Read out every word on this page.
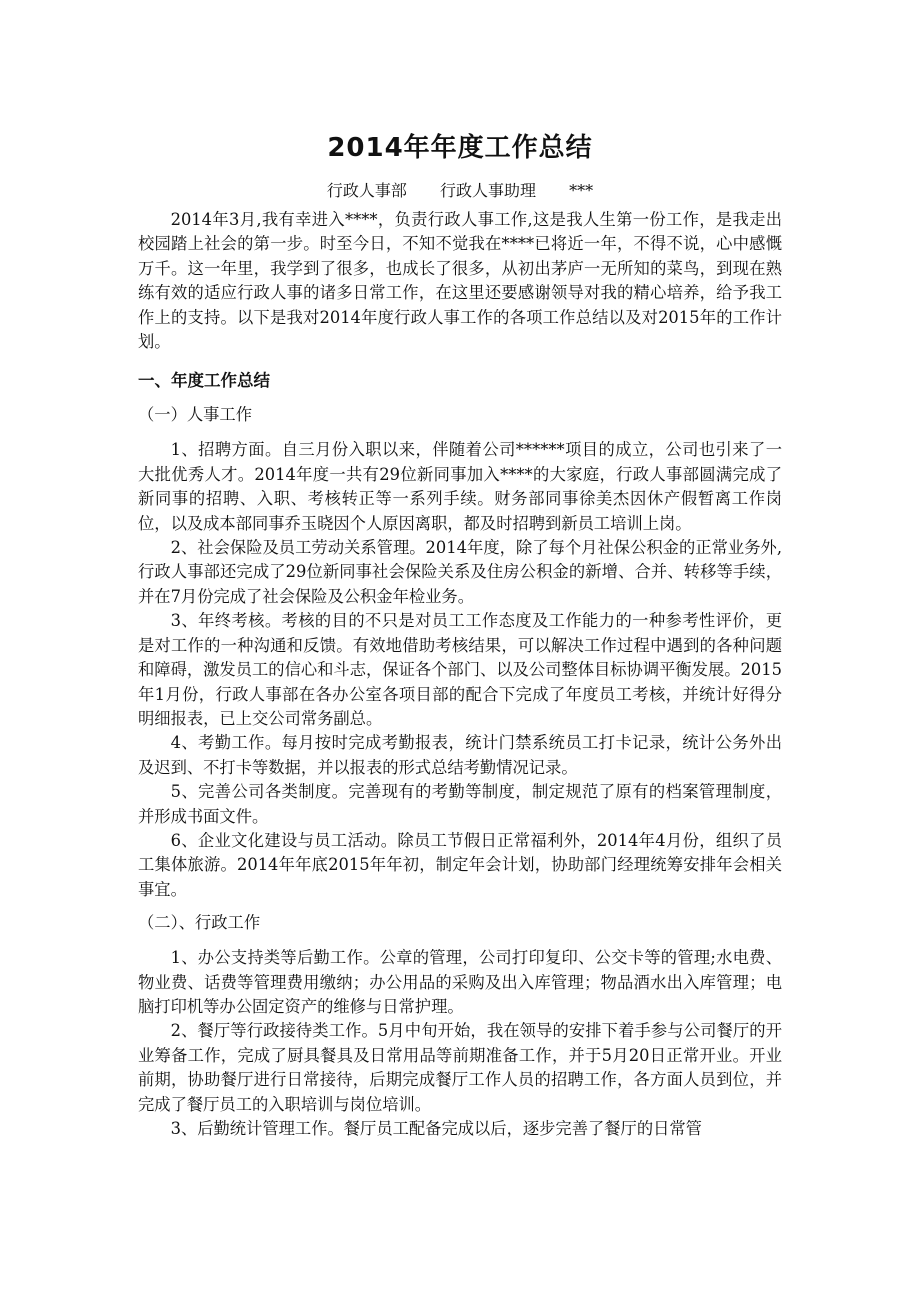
2014年年度工作总结
行政人事部 行政人事助理 ***

2014年3月,我有幸进入****，负责行政人事工作,这是我人生第一份工作，是我走出校园踏上社会的第一步。时至今日，不知不觉我在****已将近一年，不得不说，心中感慨万千。这一年里，我学到了很多，也成长了很多，从初出茅庐一无所知的菜鸟，到现在熟练有效的适应行政人事的诸多日常工作，在这里还要感谢领导对我的精心培养，给予我工作上的支持。以下是我对2014年度行政人事工作的各项工作总结以及对2015年的工作计划。

一、年度工作总结
（一）人事工作

1、招聘方面。自三月份入职以来，伴随着公司******项目的成立，公司也引来了一大批优秀人才。2014年度一共有29位新同事加入****的大家庭，行政人事部圆满完成了新同事的招聘、入职、考核转正等一系列手续。财务部同事徐美杰因休产假暂离工作岗位，以及成本部同事乔玉晓因个人原因离职，都及时招聘到新员工培训上岗。

2、社会保险及员工劳动关系管理。2014年度，除了每个月社保公积金的正常业务外,行政人事部还完成了29位新同事社会保险关系及住房公积金的新增、合并、转移等手续，并在7月份完成了社会保险及公积金年检业务。

3、年终考核。考核的目的不只是对员工工作态度及工作能力的一种参考性评价，更是对工作的一种沟通和反馈。有效地借助考核结果，可以解决工作过程中遇到的各种问题和障碍，激发员工的信心和斗志，保证各个部门、以及公司整体目标协调平衡发展。2015年1月份，行政人事部在各办公室各项目部的配合下完成了年度员工考核，并统计好得分明细报表，已上交公司常务副总。

4、考勤工作。每月按时完成考勤报表，统计门禁系统员工打卡记录，统计公务外出及迟到、不打卡等数据，并以报表的形式总结考勤情况记录。

5、完善公司各类制度。完善现有的考勤等制度，制定规范了原有的档案管理制度，并形成书面文件。

6、企业文化建设与员工活动。除员工节假日正常福利外，2014年4月份，组织了员工集体旅游。2014年年底2015年年初，制定年会计划，协助部门经理统筹安排年会相关事宜。

（二）、行政工作

1、办公支持类等后勤工作。公章的管理，公司打印复印、公交卡等的管理;水电费、物业费、话费等管理费用缴纳；办公用品的采购及出入库管理；物品酒水出入库管理；电脑打印机等办公固定资产的维修与日常护理。

2、餐厅等行政接待类工作。5月中旬开始，我在领导的安排下着手参与公司餐厅的开业筹备工作，完成了厨具餐具及日常用品等前期准备工作，并于5月20日正常开业。开业前期，协助餐厅进行日常接待，后期完成餐厅工作人员的招聘工作，各方面人员到位，并完成了餐厅员工的入职培训与岗位培训。

3、后勤统计管理工作。餐厅员工配备完成以后，逐步完善了餐厅的日常管
